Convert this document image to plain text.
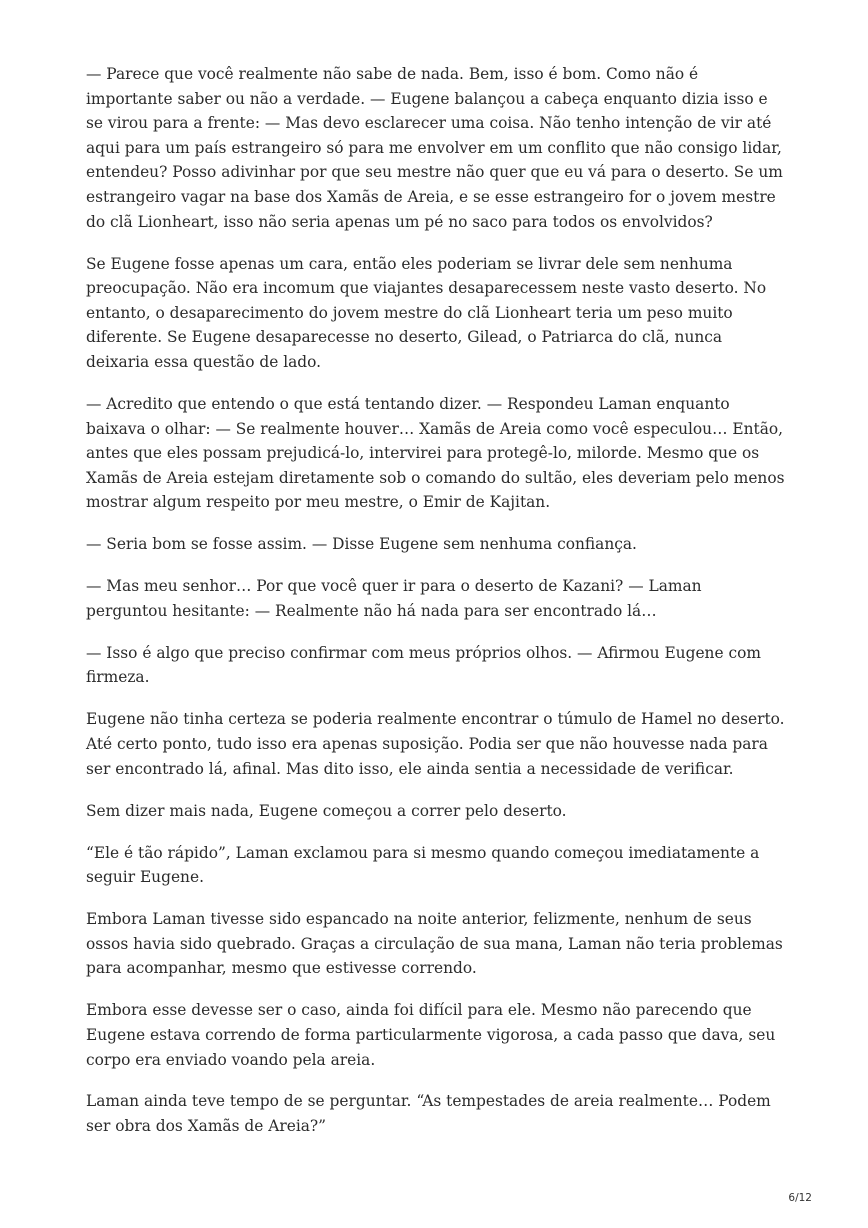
— Parece que você realmente não sabe de nada. Bem, isso é bom. Como não é importante saber ou não a verdade. — Eugene balançou a cabeça enquanto dizia isso e se virou para a frente: — Mas devo esclarecer uma coisa. Não tenho intenção de vir até aqui para um país estrangeiro só para me envolver em um conflito que não consigo lidar, entendeu? Posso adivinhar por que seu mestre não quer que eu vá para o deserto. Se um estrangeiro vagar na base dos Xamãs de Areia, e se esse estrangeiro for o jovem mestre do clã Lionheart, isso não seria apenas um pé no saco para todos os envolvidos?

Se Eugene fosse apenas um cara, então eles poderiam se livrar dele sem nenhuma preocupação. Não era incomum que viajantes desaparecessem neste vasto deserto. No entanto, o desaparecimento do jovem mestre do clã Lionheart teria um peso muito diferente. Se Eugene desaparecesse no deserto, Gilead, o Patriarca do clã, nunca deixaria essa questão de lado.

— Acredito que entendo o que está tentando dizer. — Respondeu Laman enquanto baixava o olhar: — Se realmente houver… Xamãs de Areia como você especulou… Então, antes que eles possam prejudicá-lo, intervirei para protegê-lo, milorde. Mesmo que os Xamãs de Areia estejam diretamente sob o comando do sultão, eles deveriam pelo menos mostrar algum respeito por meu mestre, o Emir de Kajitan.

— Seria bom se fosse assim. — Disse Eugene sem nenhuma confiança.

— Mas meu senhor… Por que você quer ir para o deserto de Kazani? — Laman perguntou hesitante: — Realmente não há nada para ser encontrado lá…

— Isso é algo que preciso confirmar com meus próprios olhos. — Afirmou Eugene com firmeza.

Eugene não tinha certeza se poderia realmente encontrar o túmulo de Hamel no deserto. Até certo ponto, tudo isso era apenas suposição. Podia ser que não houvesse nada para ser encontrado lá, afinal. Mas dito isso, ele ainda sentia a necessidade de verificar.

Sem dizer mais nada, Eugene começou a correr pelo deserto.

“Ele é tão rápido”, Laman exclamou para si mesmo quando começou imediatamente a seguir Eugene.

Embora Laman tivesse sido espancado na noite anterior, felizmente, nenhum de seus ossos havia sido quebrado. Graças a circulação de sua mana, Laman não teria problemas para acompanhar, mesmo que estivesse correndo.

Embora esse devesse ser o caso, ainda foi difícil para ele. Mesmo não parecendo que Eugene estava correndo de forma particularmente vigorosa, a cada passo que dava, seu corpo era enviado voando pela areia.

Laman ainda teve tempo de se perguntar. “As tempestades de areia realmente… Podem ser obra dos Xamãs de Areia?”

6/12
